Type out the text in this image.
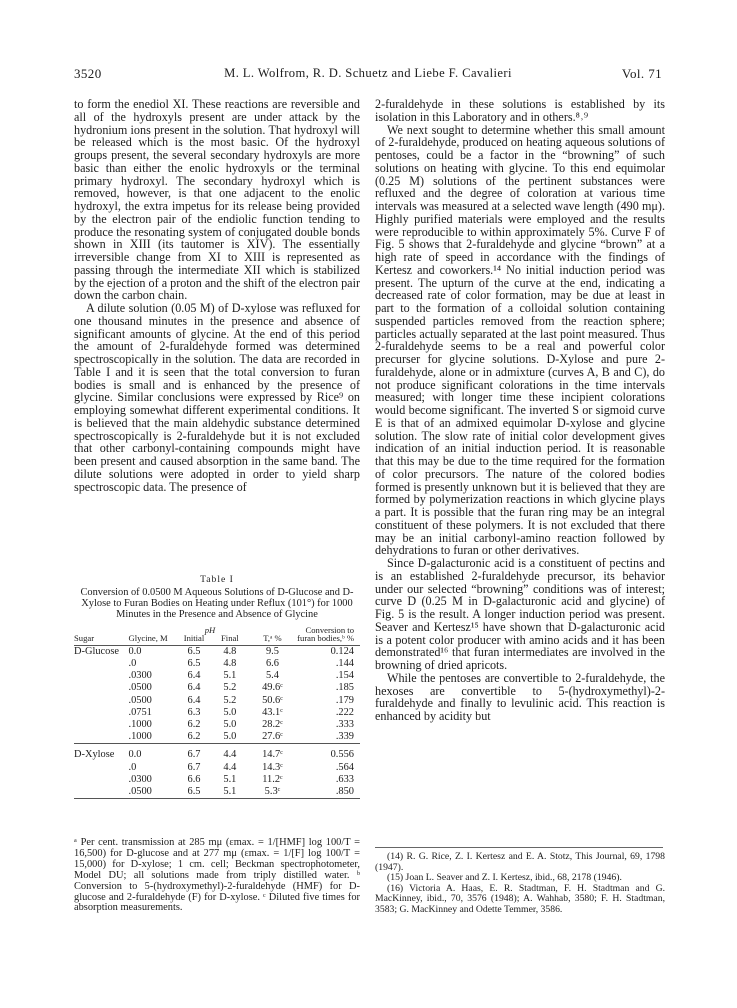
3520	M. L. Wolfrom, R. D. Schuetz and Liebe F. Cavalieri	Vol. 71

to form the enediol XI. These reactions are reversible and all of the hydroxyls present are under attack by the hydronium ions present in the solution. That hydroxyl will be released which is the most basic. Of the hydroxyl groups present, the several secondary hydroxyls are more basic than either the enolic hydroxyls or the terminal primary hydroxyl. The secondary hydroxyl which is removed, however, is that one adjacent to the enolic hydroxyl, the extra impetus for its release being provided by the electron pair of the endiolic function tending to produce the resonating system of conjugated double bonds shown in XIII (its tautomer is XIV). The essentially irreversible change from XI to XIII is represented as passing through the intermediate XII which is stabilized by the ejection of a proton and the shift of the electron pair down the carbon chain.

A dilute solution (0.05 M) of D-xylose was refluxed for one thousand minutes in the presence and absence of significant amounts of glycine. At the end of this period the amount of 2-furaldehyde formed was determined spectroscopically in the solution. The data are recorded in Table I and it is seen that the total conversion to furan bodies is small and is enhanced by the presence of glycine. Similar conclusions were expressed by Rice⁹ on employing somewhat different experimental conditions. It is believed that the main aldehydic substance determined spectroscopically is 2-furaldehyde but it is not excluded that other carbonyl-containing compounds might have been present and caused absorption in the same band. The dilute solutions were adopted in order to yield sharp spectroscopic data. The presence of

Table I
Conversion of 0.0500 M Aqueous Solutions of D-Glucose and D-Xylose to Furan Bodies on Heating under Reflux (101°) for 1000 Minutes in the Presence and Absence of Glycine
Sugar	Glycine, M	pH
Initial	Final	T,ᵃ %	Conversion to furan bodies,ᵇ %

D-Glucose	0.0	6.5	4.8	9.5	0.124
	.0	6.5	4.8	6.6	.144
	.0300	6.4	5.1	5.4	.154
	.0500	6.4	5.2	49.6ᶜ	.185
	.0500	6.4	5.2	50.6ᶜ	.179
	.0751	6.3	5.0	43.1ᶜ	.222
	.1000	6.2	5.0	28.2ᶜ	.333
	.1000	6.2	5.0	27.6ᶜ	.339

D-Xylose	0.0	6.7	4.4	14.7ᶜ	0.556
	.0	6.7	4.4	14.3ᶜ	.564
	.0300	6.6	5.1	11.2ᶜ	.633
	.0500	6.5	5.1	5.3ᶜ	.850

ᵃ Per cent. transmission at 285 mμ (εmax. = 1/[HMF] log 100/T = 16,500) for D-glucose and at 277 mμ (εmax. = 1/[F] log 100/T = 15,000) for D-xylose; 1 cm. cell; Beckman spectrophotometer, Model DU; all solutions made from triply distilled water. ᵇ Conversion to 5-(hydroxymethyl)-2-furaldehyde (HMF) for D-glucose and 2-furaldehyde (F) for D-xylose. ᶜ Diluted five times for absorption measurements.

2-furaldehyde in these solutions is established by its isolation in this Laboratory and in others.⁸˒⁹

We next sought to determine whether this small amount of 2-furaldehyde, produced on heating aqueous solutions of pentoses, could be a factor in the “browning” of such solutions on heating with glycine. To this end equimolar (0.25 M) solutions of the pertinent substances were refluxed and the degree of coloration at various time intervals was measured at a selected wave length (490 mμ). Highly purified materials were employed and the results were reproducible to within approximately 5%. Curve F of Fig. 5 shows that 2-furaldehyde and glycine “brown” at a high rate of speed in accordance with the findings of Kertesz and coworkers.¹⁴ No initial induction period was present. The upturn of the curve at the end, indicating a decreased rate of color formation, may be due at least in part to the formation of a colloidal solution containing suspended particles removed from the reaction sphere; particles actually separated at the last point measured. Thus 2-furaldehyde seems to be a real and powerful color precurser for glycine solutions. D-Xylose and pure 2-furaldehyde, alone or in admixture (curves A, B and C), do not produce significant colorations in the time intervals measured; with longer time these incipient colorations would become significant. The inverted S or sigmoid curve E is that of an admixed equimolar D-xylose and glycine solution. The slow rate of initial color development gives indication of an initial induction period. It is reasonable that this may be due to the time required for the formation of color precursors. The nature of the colored bodies formed is presently unknown but it is believed that they are formed by polymerization reactions in which glycine plays a part. It is possible that the furan ring may be an integral constituent of these polymers. It is not excluded that there may be an initial carbonyl-amino reaction followed by dehydrations to furan or other derivatives.

Since D-galacturonic acid is a constituent of pectins and is an established 2-furaldehyde precursor, its behavior under our selected “browning” conditions was of interest; curve D (0.25 M in D-galacturonic acid and glycine) of Fig. 5 is the result. A longer induction period was present. Seaver and Kertesz¹⁵ have shown that D-galacturonic acid is a potent color producer with amino acids and it has been demonstrated¹⁶ that furan intermediates are involved in the browning of dried apricots.

While the pentoses are convertible to 2-furaldehyde, the hexoses are convertible to 5-(hydroxymethyl)-2-furaldehyde and finally to levulinic acid. This reaction is enhanced by acidity but

(14) R. G. Rice, Z. I. Kertesz and E. A. Stotz, This Journal, 69, 1798 (1947).

(15) Joan L. Seaver and Z. I. Kertesz, ibid., 68, 2178 (1946).

(16) Victoria A. Haas, E. R. Stadtman, F. H. Stadtman and G. MacKinney, ibid., 70, 3576 (1948); A. Wahhab, 3580; F. H. Stadtman, 3583; G. MacKinney and Odette Temmer, 3586.
